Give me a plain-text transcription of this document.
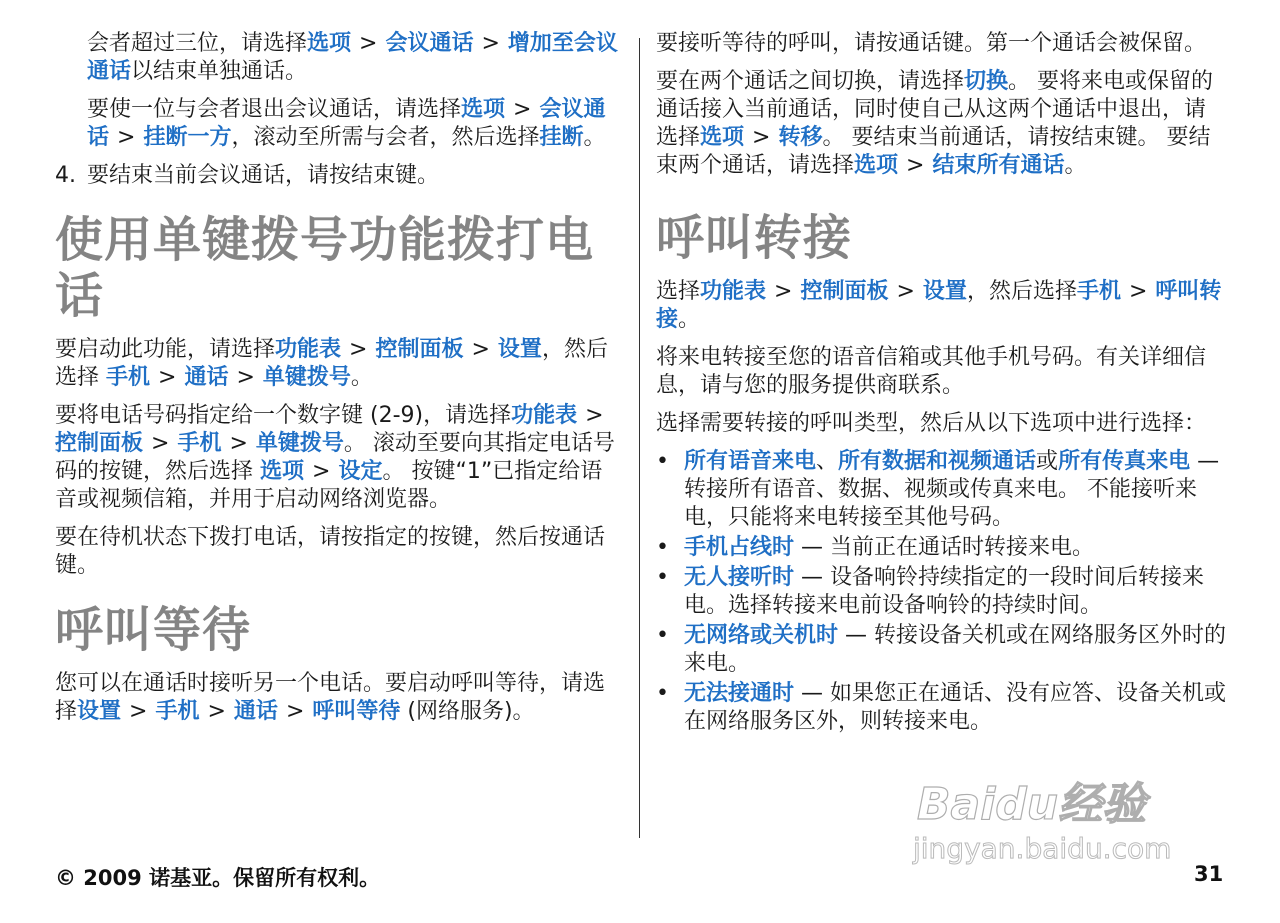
会者超过三位，请选择选项 > 会议通话 > 增加至会议通话以结束单独通话。

要使一位与会者退出会议通话，请选择选项 > 会议通话 > 挂断一方，滚动至所需与会者，然后选择挂断。

4. 要结束当前会议通话，请按结束键。

使用单键拨号功能拨打电话

要启动此功能，请选择功能表 > 控制面板 > 设置，然后选择 手机 > 通话 > 单键拨号。

要将电话号码指定给一个数字键 (2-9)，请选择功能表 >控制面板 > 手机 > 单键拨号。 滚动至要向其指定电话号码的按键，然后选择 选项 > 设定。 按键“1”已指定给语音或视频信箱，并用于启动网络浏览器。

要在待机状态下拨打电话，请按指定的按键，然后按通话键。

呼叫等待

您可以在通话时接听另一个电话。要启动呼叫等待，请选择设置 > 手机 > 通话 > 呼叫等待 (网络服务)。

要接听等待的呼叫，请按通话键。第一个通话会被保留。

要在两个通话之间切换，请选择切换。 要将来电或保留的通话接入当前通话，同时使自己从这两个通话中退出，请选择选项 > 转移。 要结束当前通话，请按结束键。 要结束两个通话，请选择选项 > 结束所有通话。

呼叫转接

选择功能表 > 控制面板 > 设置，然后选择手机 > 呼叫转接。

将来电转接至您的语音信箱或其他手机号码。有关详细信息，请与您的服务提供商联系。

选择需要转接的呼叫类型，然后从以下选项中进行选择：

• 所有语音来电、所有数据和视频通话或所有传真来电 — 转接所有语音、数据、视频或传真来电。 不能接听来电，只能将来电转接至其他号码。
• 手机占线时 — 当前正在通话时转接来电。
• 无人接听时 — 设备响铃持续指定的一段时间后转接来电。选择转接来电前设备响铃的持续时间。
• 无网络或关机时 — 转接设备关机或在网络服务区外时的来电。
• 无法接通时 — 如果您正在通话、没有应答、设备关机或在网络服务区外，则转接来电。
Baidu经验
jingyan.baidu.com
© 2009 诺基亚。保留所有权利。	31
